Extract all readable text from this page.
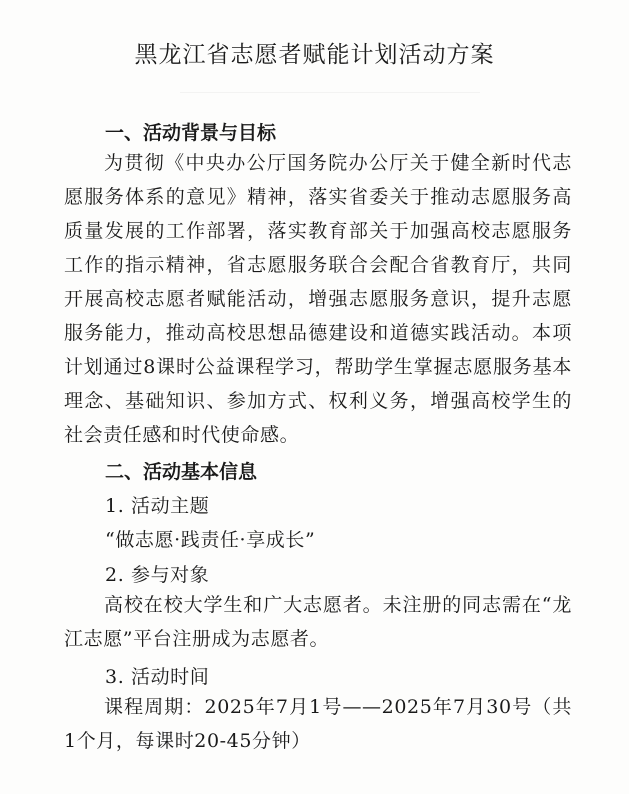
黑龙江省志愿者赋能计划活动方案
一、活动背景与目标
为贯彻《中央办公厅国务院办公厅关于健全新时代志愿服务体系的意见》精神，落实省委关于推动志愿服务高质量发展的工作部署，落实教育部关于加强高校志愿服务工作的指示精神，省志愿服务联合会配合省教育厅，共同开展高校志愿者赋能活动，增强志愿服务意识，提升志愿服务能力，推动高校思想品德建设和道德实践活动。本项计划通过8课时公益课程学习，帮助学生掌握志愿服务基本理念、基础知识、参加方式、权利义务，增强高校学生的社会责任感和时代使命感。
二、活动基本信息
1. 活动主题
“做志愿·践责任·享成长”
2. 参与对象
高校在校大学生和广大志愿者。未注册的同志需在“龙江志愿”平台注册成为志愿者。
3. 活动时间
课程周期：2025年7月1号——2025年7月30号（共1个月，每课时20-45分钟）
